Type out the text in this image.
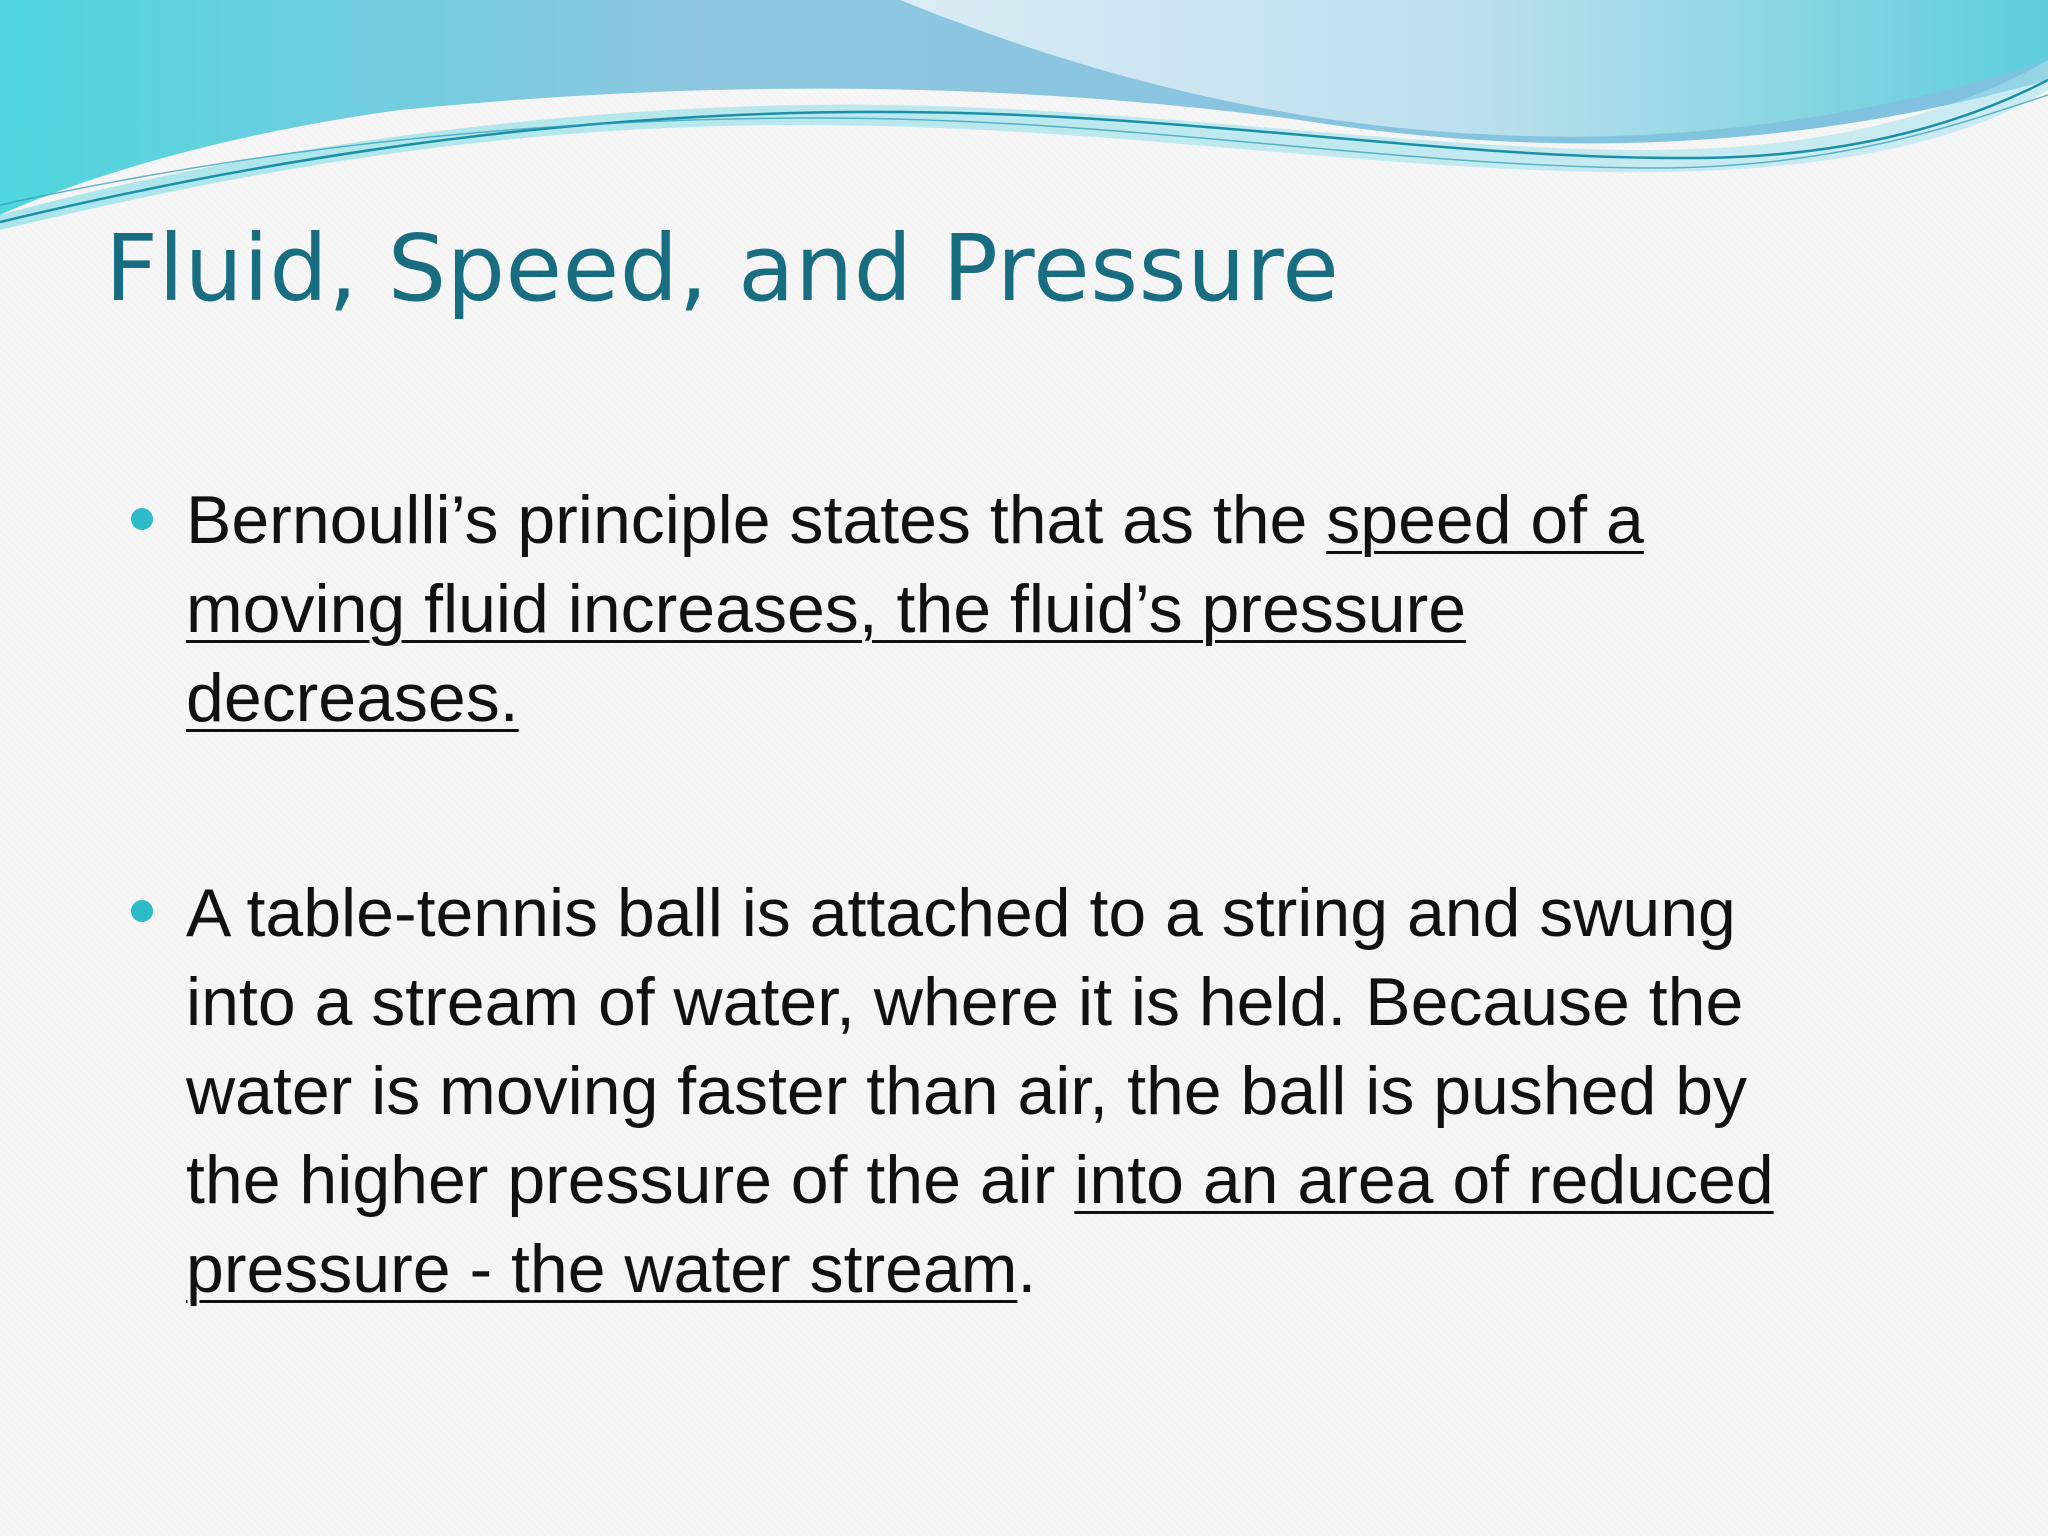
Fluid, Speed, and Pressure
Bernoulli’s principle states that as the speed of a
moving fluid increases, the fluid’s pressure
decreases.
A table-tennis ball is attached to a string and swung
into a stream of water, where it is held. Because the
water is moving faster than air, the ball is pushed by
the higher pressure of the air into an area of reduced
pressure - the water stream.
